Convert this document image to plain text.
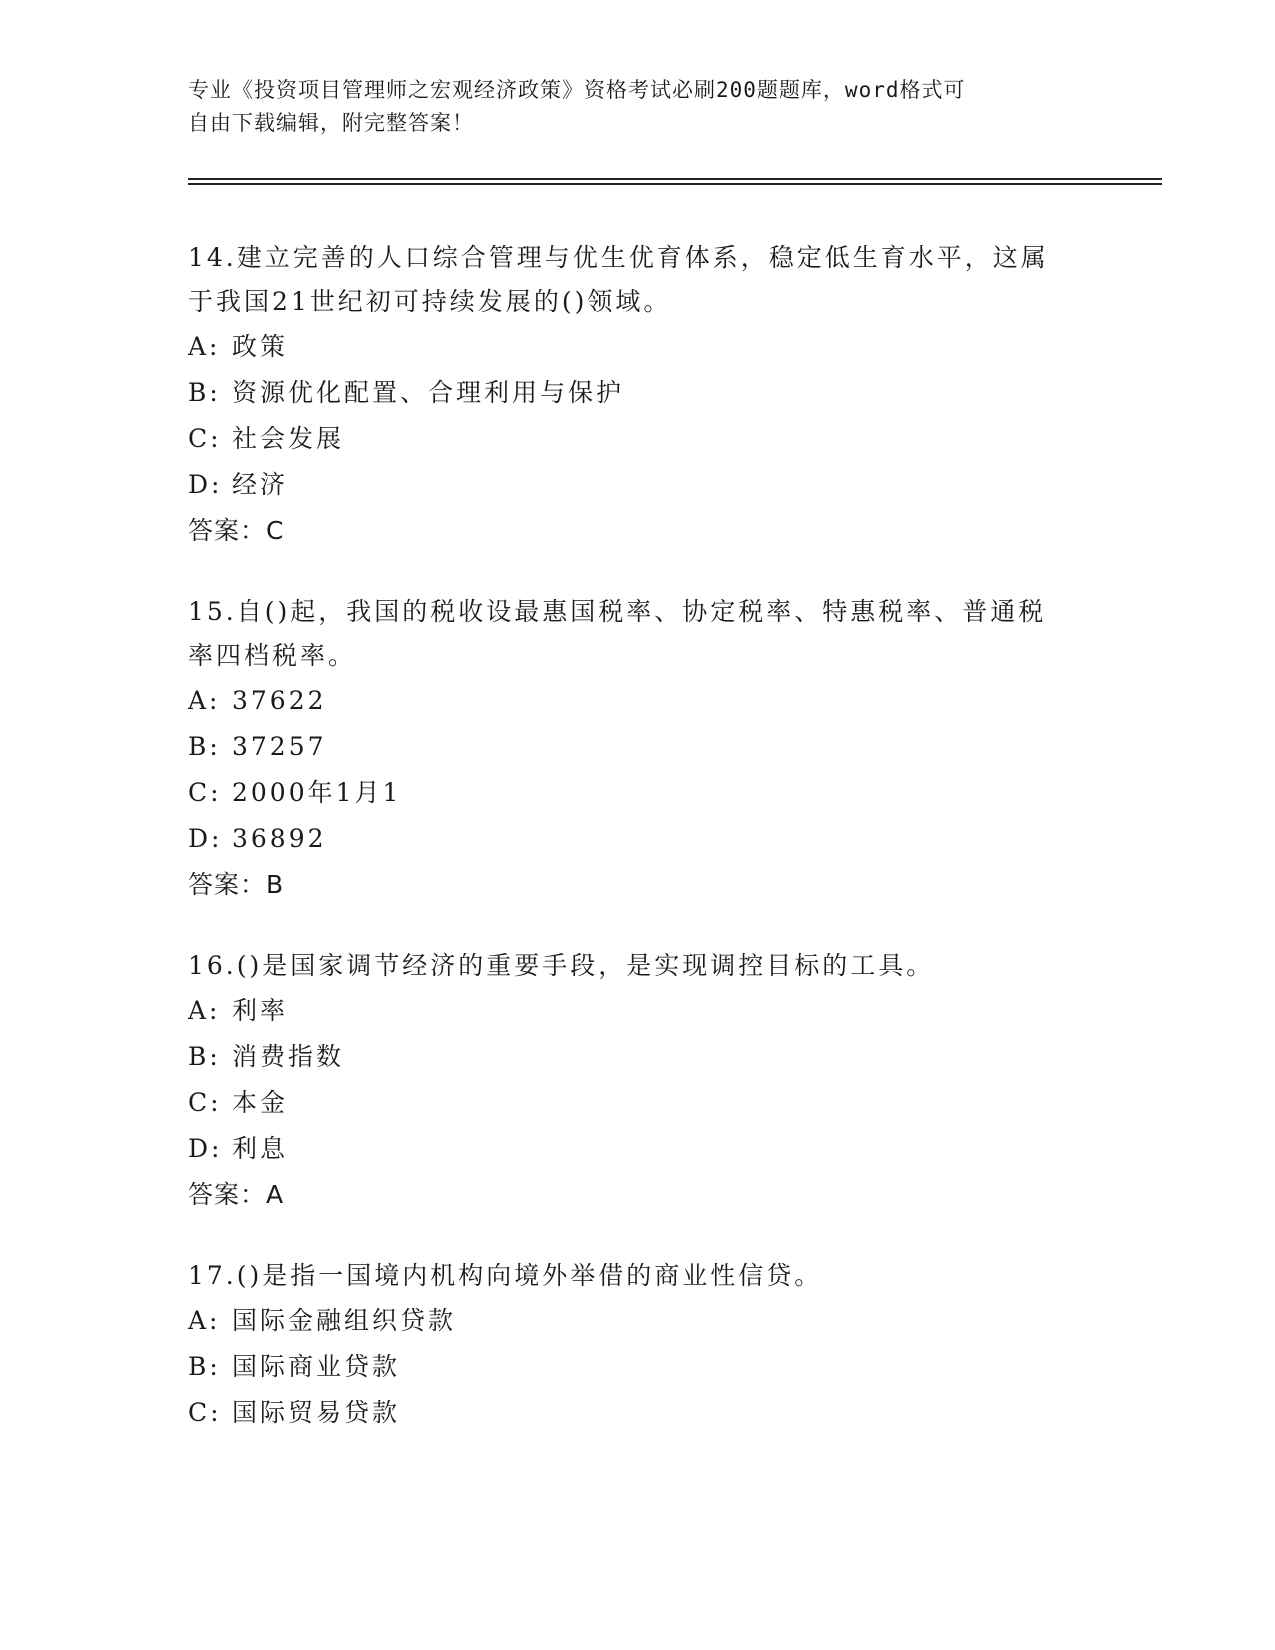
专业《投资项目管理师之宏观经济政策》资格考试必刷200题题库，word格式可
自由下载编辑，附完整答案！

14.建立完善的人口综合管理与优生优育体系，稳定低生育水平，这属
于我国21世纪初可持续发展的()领域。

A: 政策

B: 资源优化配置、合理利用与保护

C: 社会发展

D: 经济

答案：C

15.自()起，我国的税收设最惠国税率、协定税率、特惠税率、普通税
率四档税率。

A: 37622

B: 37257

C: 2000年1月1

D: 36892

答案：B

16.()是国家调节经济的重要手段，是实现调控目标的工具。

A: 利率

B: 消费指数

C: 本金

D: 利息

答案：A

17.()是指一国境内机构向境外举借的商业性信贷。

A: 国际金融组织贷款

B: 国际商业贷款

C: 国际贸易贷款
